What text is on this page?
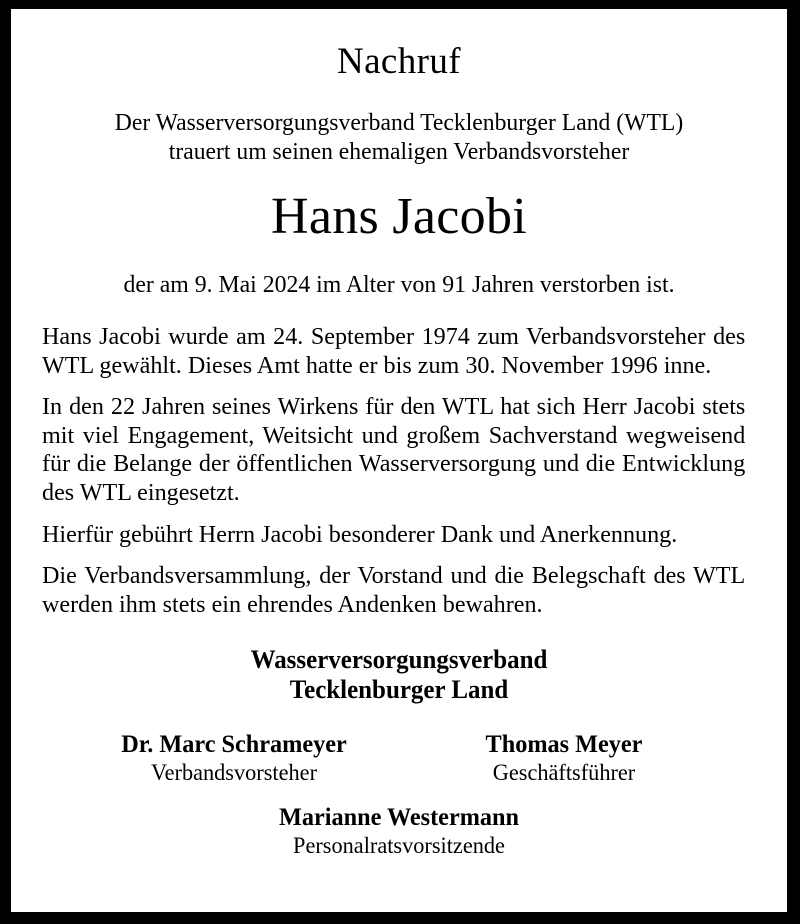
Nachruf
Der Wasserversorgungsverband Tecklenburger Land (WTL)
trauert um seinen ehemaligen Verbandsvorsteher
Hans Jacobi
der am 9. Mai 2024 im Alter von 91 Jahren verstorben ist.

Hans Jacobi wurde am 24. September 1974 zum Verbandsvorsteher des WTL gewählt. Dieses Amt hatte er bis zum 30. November 1996 inne.

In den 22 Jahren seines Wirkens für den WTL hat sich Herr Jacobi stets mit viel Engagement, Weitsicht und großem Sachverstand wegweisend für die Belange der öffentlichen Wasserversorgung und die Entwicklung des WTL eingesetzt.

Hierfür gebührt Herrn Jacobi besonderer Dank und Anerkennung.

Die Verbandsversammlung, der Vorstand und die Belegschaft des WTL werden ihm stets ein ehrendes Andenken bewahren.

Wasserversorgungsverband
Tecklenburger Land
Dr. Marc Schrameyer
Verbandsvorsteher
Thomas Meyer
Geschäftsführer
Marianne Westermann
Personalratsvorsitzende
